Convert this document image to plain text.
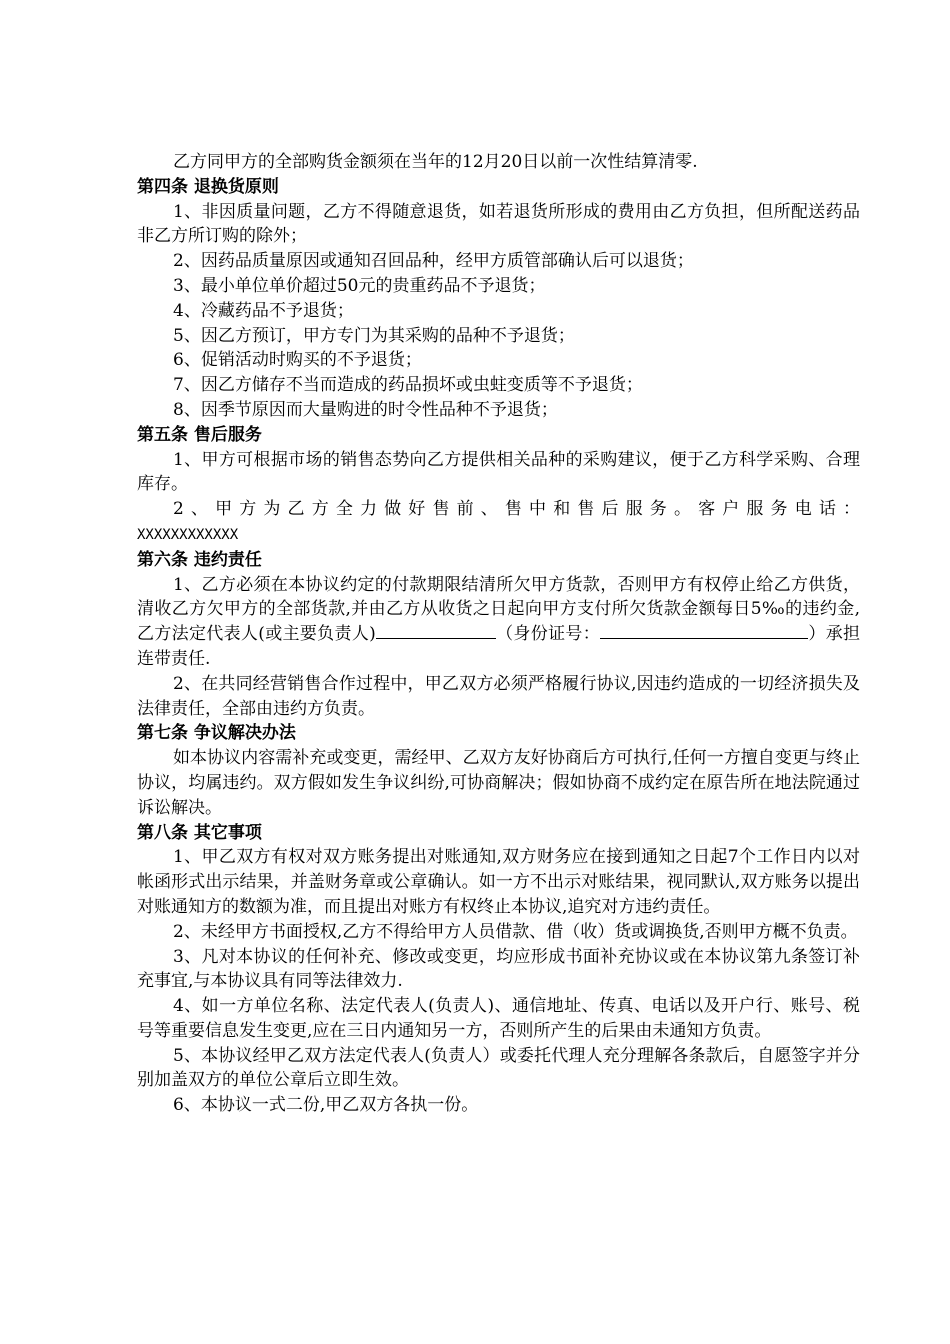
乙方同甲方的全部购货金额须在当年的12月20日以前一次性结算清零.

第四条 退换货原则

1、非因质量问题，乙方不得随意退货，如若退货所形成的费用由乙方负担，但所配送药品非乙方所订购的除外；

2、因药品质量原因或通知召回品种，经甲方质管部确认后可以退货；

3、最小单位单价超过50元的贵重药品不予退货；

4、冷藏药品不予退货；

5、因乙方预订，甲方专门为其采购的品种不予退货；

6、促销活动时购买的不予退货；

7、因乙方储存不当而造成的药品损坏或虫蛀变质等不予退货；

8、因季节原因而大量购进的时令性品种不予退货；

第五条 售后服务

1、甲方可根据市场的销售态势向乙方提供相关品种的采购建议，便于乙方科学采购、合理库存。

2、甲方为乙方全力做好售前、售中和售后服务。客户服务电话：

XXXXXXXXXXXX

第六条 违约责任

1、乙方必须在本协议约定的付款期限结清所欠甲方货款，否则甲方有权停止给乙方供货，清收乙方欠甲方的全部货款,并由乙方从收货之日起向甲方支付所欠货款金额每日5‰的违约金,乙方法定代表人(或主要负责人)	（身份证号：	）承担连带责任.

2、在共同经营销售合作过程中，甲乙双方必须严格履行协议,因违约造成的一切经济损失及法律责任，全部由违约方负责。

第七条 争议解决办法

如本协议内容需补充或变更，需经甲、乙双方友好协商后方可执行,任何一方擅自变更与终止协议，均属违约。双方假如发生争议纠纷,可协商解决；假如协商不成约定在原告所在地法院通过诉讼解决。

第八条 其它事项

1、甲乙双方有权对双方账务提出对账通知,双方财务应在接到通知之日起7个工作日内以对帐函形式出示结果，并盖财务章或公章确认。如一方不出示对账结果，视同默认,双方账务以提出对账通知方的数额为准，而且提出对账方有权终止本协议,追究对方违约责任。

2、未经甲方书面授权,乙方不得给甲方人员借款、借（收）货或调换货,否则甲方概不负责。

3、凡对本协议的任何补充、修改或变更，均应形成书面补充协议或在本协议第九条签订补充事宜,与本协议具有同等法律效力.

4、如一方单位名称、法定代表人(负责人)、通信地址、传真、电话以及开户行、账号、税号等重要信息发生变更,应在三日内通知另一方，否则所产生的后果由未通知方负责。

5、本协议经甲乙双方法定代表人(负责人）或委托代理人充分理解各条款后，自愿签字并分别加盖双方的单位公章后立即生效。

6、本协议一式二份,甲乙双方各执一份。
